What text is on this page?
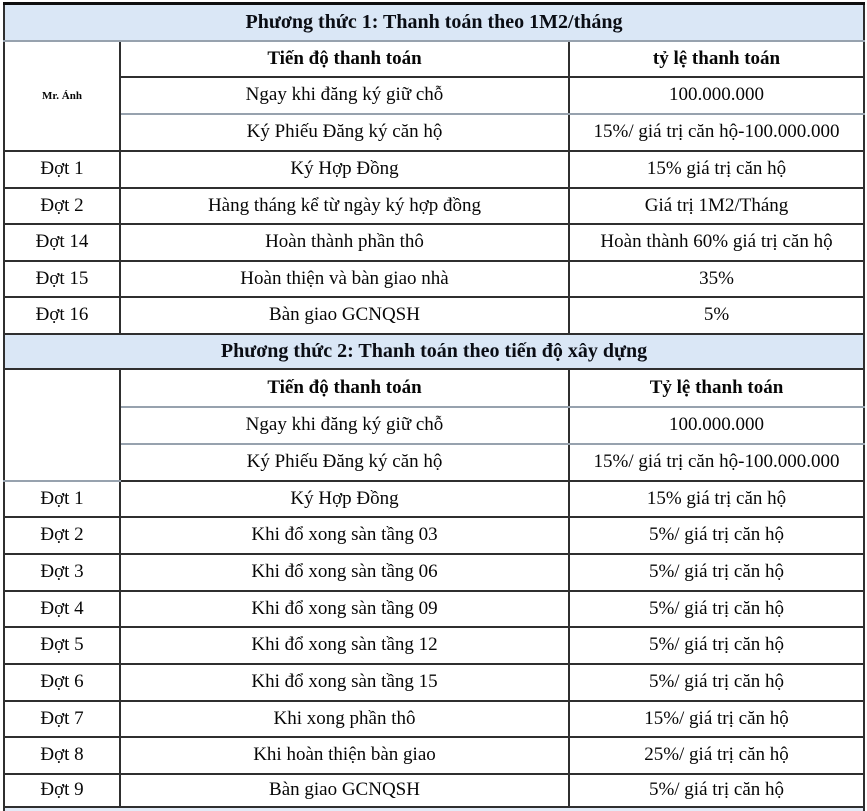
Phương thức 1: Thanh toán theo 1M2/tháng		
Mr. Ánh	Tiến độ thanh toán	tỷ lệ thanh toán
	Ngay khi đăng ký giữ chỗ	100.000.000
	Ký Phiếu Đăng ký căn hộ	15%/ giá trị căn hộ-100.000.000
Đợt 1	Ký Hợp Đồng	15% giá trị căn hộ
Đợt 2	Hàng tháng kể từ ngày ký hợp đồng	Giá trị 1M2/Tháng
Đợt 14	Hoàn thành phần thô	Hoàn thành 60% giá trị căn hộ
Đợt 15	Hoàn thiện và bàn giao nhà	35%
Đợt 16	Bàn giao GCNQSH	5%
Phương thức 2: Thanh toán theo tiến độ xây dựng		
	Tiến độ thanh toán	Tỷ lệ thanh toán
	Ngay khi đăng ký giữ chỗ	100.000.000
	Ký Phiếu Đăng ký căn hộ	15%/ giá trị căn hộ-100.000.000
Đợt 1	Ký Hợp Đồng	15% giá trị căn hộ
Đợt 2	Khi đổ xong sàn tầng 03	5%/ giá trị căn hộ
Đợt 3	Khi đổ xong sàn tầng 06	5%/ giá trị căn hộ
Đợt 4	Khi đổ xong sàn tầng 09	5%/ giá trị căn hộ
Đợt 5	Khi đổ xong sàn tầng 12	5%/ giá trị căn hộ
Đợt 6	Khi đổ xong sàn tầng 15	5%/ giá trị căn hộ
Đợt 7	Khi xong phần thô	15%/ giá trị căn hộ
Đợt 8	Khi hoàn thiện bàn giao	25%/ giá trị căn hộ
Đợt 9	Bàn giao GCNQSH	5%/ giá trị căn hộ
